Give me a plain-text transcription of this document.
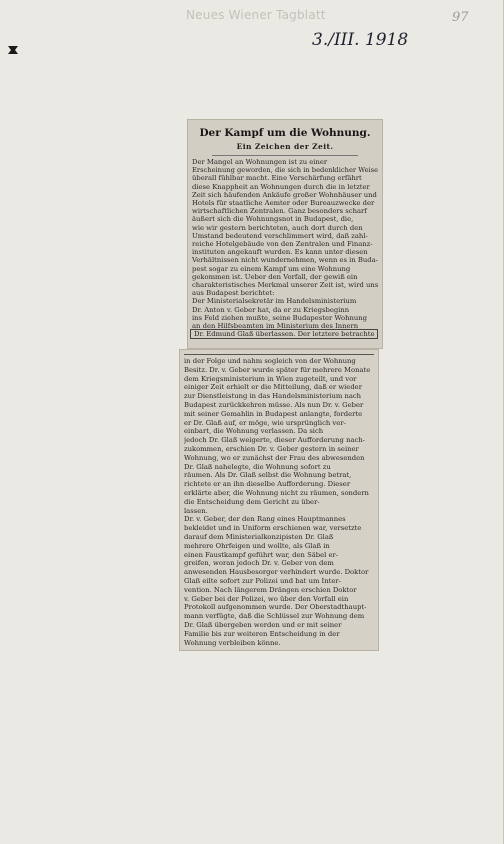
Neues Wiener Tagblatt	97
3./III. 1918
Der Kampf um die Wohnung.
Ein Zeichen der Zeit.
Dr. Edmund Glaß überlassen. Der letztere betrachte
Der Mangel an Wohnungen ist zu einer
Erscheinung geworden, die sich in bedenklicher Weise
überall fühlbar macht. Eine Verschärfung erfährt
diese Knappheit an Wohnungen durch die in letzter
Zeit sich häufenden Ankäufe großer Wohnhäuser und
Hotels für staatliche Aemter oder Bureauzwecke der
wirtschaftlichen Zentralen. Ganz besonders scharf
äußert sich die Wohnungsnot in Budapest, die,
wie wir gestern berichteten, auch dort durch den
Umstand bedeutend verschlimmert wird, daß zahl-
reiche Hotelgebäude von den Zentralen und Finanz-
instituten angekauft wurden. Es kann unter diesen
Verhältnissen nicht wundernehmen, wenn es in Buda-
pest sogar zu einem Kampf um eine Wohnung
gekommen ist. Ueber den Vorfall, der gewiß ein
charakteristisches Merkmal unserer Zeit ist, wird uns
aus Budapest berichtet:
Der Ministerialsekretär im Handelsministerium
Dr. Anton v. Geber hat, da er zu Kriegsbeginn
ins Feld ziehen mußte, seine Budapester Wohnung
an den Hilfsbeamten im Ministerium des Innern
in der Folge und nahm sogleich von der Wohnung
Besitz. Dr. v. Geber wurde später für mehrere Monate
dem Kriegsministerium in Wien zugeteilt, und vor
einiger Zeit erhielt er die Mitteilung, daß er wieder
zur Dienstleistung in das Handelsministerium nach
Budapest zurückkehren müsse. Als nun Dr. v. Geber
mit seiner Gemahlin in Budapest anlangte, forderte
er Dr. Glaß auf, er möge, wie ursprünglich ver-
einbart, die Wohnung verlassen. Da sich
jedoch Dr. Glaß weigerte, dieser Aufforderung nach-
zukommen, erschien Dr. v. Geber gestern in seiner
Wohnung, wo er zunächst der Frau des abwesenden
Dr. Glaß nahelegte, die Wohnung sofort zu
räumen. Als Dr. Glaß selbst die Wohnung betrat,
richtete er an ihn dieselbe Aufforderung. Dieser
erklärte aber, die Wohnung nicht zu räumen, sondern
die Entscheidung dem Gericht zu über-
lassen.
Dr. v. Geber, der den Rang eines Hauptmannes
bekleidet und in Uniform erschienen war, versetzte
darauf dem Ministerialkonzipisten Dr. Glaß
mehrere Ohrfeigen und wollte, als Glaß in
einen Faustkampf geführt war, den Säbel er-
greifen, woran jedoch Dr. v. Geber von dem
anwesenden Hausbesorger verhindert wurde. Doktor
Glaß eilte sofort zur Polizei und bat um Inter-
vention. Nach längerem Drängen erschien Doktor
v. Geber bei der Polizei, wo über den Vorfall ein
Protokoll aufgenommen wurde. Der Oberstadthaupt-
mann verfügte, daß die Schlüssel zur Wohnung dem
Dr. Glaß übergeben werden und er mit seiner
Familie bis zur weiteren Entscheidung in der
Wohnung verbleiben könne.
